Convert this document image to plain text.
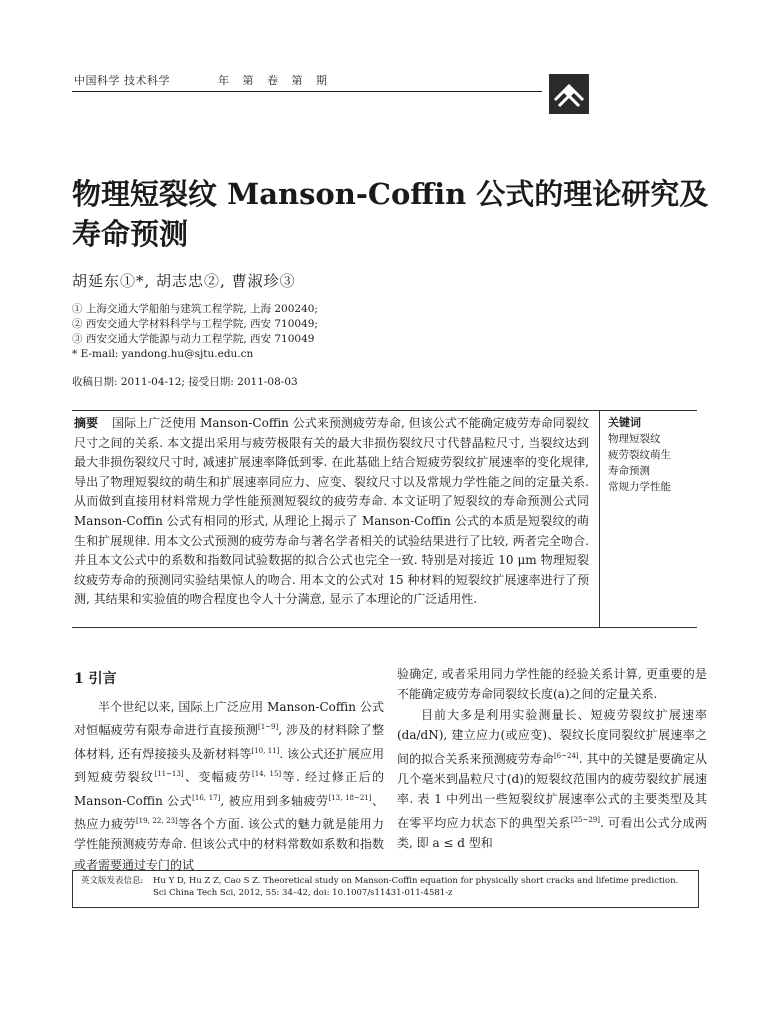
中国科学 技术科学	年 第 卷 第 期
物理短裂纹 Manson-Coffin 公式的理论研究及寿命预测
胡延东①*, 胡志忠②, 曹淑珍③
① 上海交通大学船舶与建筑工程学院, 上海 200240;
② 西安交通大学材料科学与工程学院, 西安 710049;
③ 西安交通大学能源与动力工程学院, 西安 710049
* E-mail: yandong.hu@sjtu.edu.cn
收稿日期: 2011-04-12; 接受日期: 2011-08-03
摘要 国际上广泛使用 Manson-Coffin 公式来预测疲劳寿命, 但该公式不能确定疲劳寿命同裂纹尺寸之间的关系. 本文提出采用与疲劳极限有关的最大非损伤裂纹尺寸代替晶粒尺寸, 当裂纹达到最大非损伤裂纹尺寸时, 减速扩展速率降低到零. 在此基础上结合短疲劳裂纹扩展速率的变化规律, 导出了物理短裂纹的萌生和扩展速率同应力、应变、裂纹尺寸以及常规力学性能之间的定量关系. 从而做到直接用材料常规力学性能预测短裂纹的疲劳寿命. 本文证明了短裂纹的寿命预测公式同 Manson-Coffin 公式有相同的形式, 从理论上揭示了 Manson-Coffin 公式的本质是短裂纹的萌生和扩展规律. 用本文公式预测的疲劳寿命与著名学者相关的试验结果进行了比较, 两者完全吻合. 并且本文公式中的系数和指数同试验数据的拟合公式也完全一致. 特别是对接近 10 μm 物理短裂纹疲劳寿命的预测同实验结果惊人的吻合. 用本文的公式对 15 种材料的短裂纹扩展速率进行了预测, 其结果和实验值的吻合程度也令人十分满意, 显示了本理论的广泛适用性.
关键词
物理短裂纹
疲劳裂纹萌生
寿命预测
常规力学性能
1 引言

半个世纪以来, 国际上广泛应用 Manson-Coffin 公式对恒幅疲劳有限寿命进行直接预测[1~9], 涉及的材料除了整体材料, 还有焊接接头及新材料等[10, 11]. 该公式还扩展应用到短疲劳裂纹[11~13]、变幅疲劳[14, 15]等. 经过修正后的 Manson-Coffin 公式[16, 17], 被应用到多轴疲劳[13, 18~21]、热应力疲劳[19, 22, 23]等各个方面. 该公式的魅力就是能用力学性能预测疲劳寿命. 但该公式中的材料常数如系数和指数或者需要通过专门的试

验确定, 或者采用同力学性能的经验关系计算, 更重要的是不能确定疲劳寿命同裂纹长度(a)之间的定量关系.

目前大多是利用实验测量长、短疲劳裂纹扩展速率(da/dN), 建立应力(或应变)、裂纹长度同裂纹扩展速率之间的拟合关系来预测疲劳寿命[6~24]. 其中的关键是要确定从几个毫米到晶粒尺寸(d)的短裂纹范围内的疲劳裂纹扩展速率. 表 1 中列出一些短裂纹扩展速率公式的主要类型及其在零平均应力状态下的典型关系[25~29]. 可看出公式分成两类, 即 a ≤ d 型和

英文版发表信息: Hu Y D, Hu Z Z, Cao S Z. Theoretical study on Manson-Coffin equation for physically short cracks and lifetime prediction. Sci China Tech Sci, 2012, 55: 34–42, doi: 10.1007/s11431-011-4581-z
